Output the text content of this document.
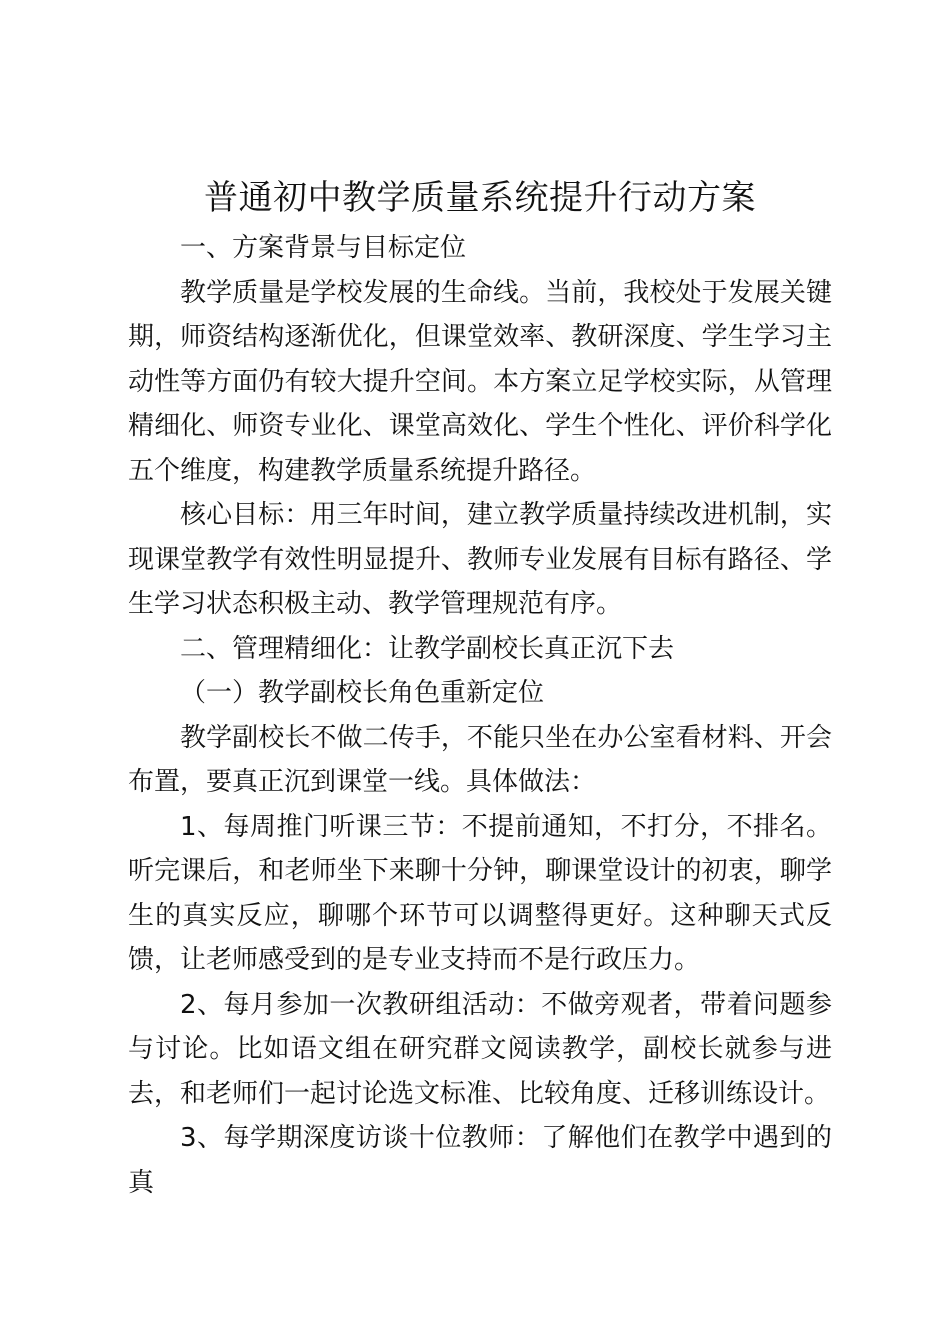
普通初中教学质量系统提升行动方案

一、方案背景与目标定位

教学质量是学校发展的生命线。当前，我校处于发展关键期，师资结构逐渐优化，但课堂效率、教研深度、学生学习主动性等方面仍有较大提升空间。本方案立足学校实际，从管理精细化、师资专业化、课堂高效化、学生个性化、评价科学化五个维度，构建教学质量系统提升路径。

核心目标：用三年时间，建立教学质量持续改进机制，实现课堂教学有效性明显提升、教师专业发展有目标有路径、学生学习状态积极主动、教学管理规范有序。

二、管理精细化：让教学副校长真正沉下去

（一）教学副校长角色重新定位

教学副校长不做二传手，不能只坐在办公室看材料、开会布置，要真正沉到课堂一线。具体做法：

1、每周推门听课三节：不提前通知，不打分，不排名。听完课后，和老师坐下来聊十分钟，聊课堂设计的初衷，聊学生的真实反应，聊哪个环节可以调整得更好。这种聊天式反馈，让老师感受到的是专业支持而不是行政压力。

2、每月参加一次教研组活动：不做旁观者，带着问题参与讨论。比如语文组在研究群文阅读教学，副校长就参与进去，和老师们一起讨论选文标准、比较角度、迁移训练设计。

3、每学期深度访谈十位教师：了解他们在教学中遇到的真
